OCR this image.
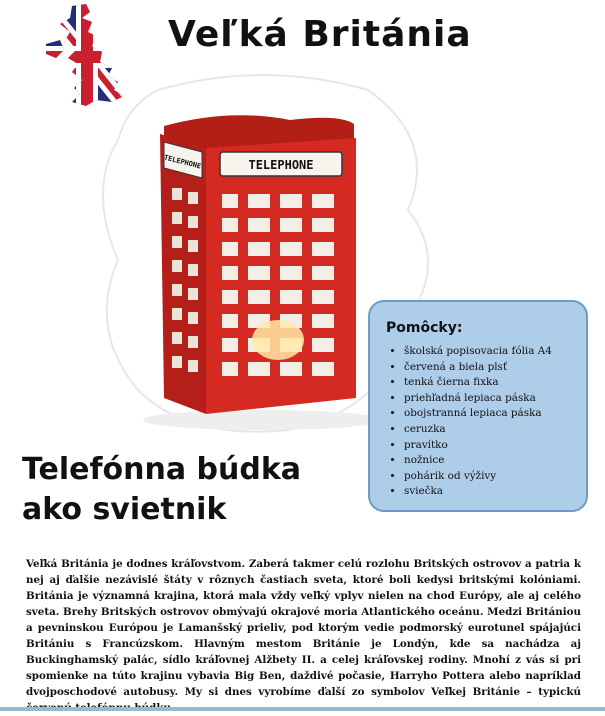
Veľká Británia
TELEPHONE
TELEPHONE
Telefónna búdka
ako svietnik
Pomôcky:
• školská popisovacia fólia A4
• červená a biela plsť
• tenká čierna fixka
• priehľadná lepiaca páska
• obojstranná lepiaca páska
• ceruzka
• pravítko
• nožnice
• pohárik od výživy
• sviečka

Veľká Británia je dodnes kráľovstvom. Zaberá takmer celú rozlohu Britských ostrovov a patria k nej aj ďalšie nezávislé štáty v rôznych častiach sveta, ktoré boli kedysi britskými kolóniami. Británia je významná krajina, ktorá mala vždy veľký vplyv nielen na chod Európy, ale aj celého sveta. Brehy Britských ostrovov obmývajú okrajové moria Atlantického oceánu. Medzi Britániou a pevninskou Európou je Lamanšský prieliv, pod ktorým vedie podmorský eurotunel spájajúci Britániu s Francúzskom. Hlavným mestom Británie je Londýn, kde sa nachádza aj Buckinghamský palác, sídlo kráľovnej Alžbety II. a celej kráľovskej rodiny. Mnohí z vás si pri spomienke na túto krajinu vybavia Big Ben, daždivé počasie, Harryho Pottera alebo napríklad dvojposchodové autobusy. My si dnes vyrobíme ďalší zo symbolov Veľkej Británie – typickú
